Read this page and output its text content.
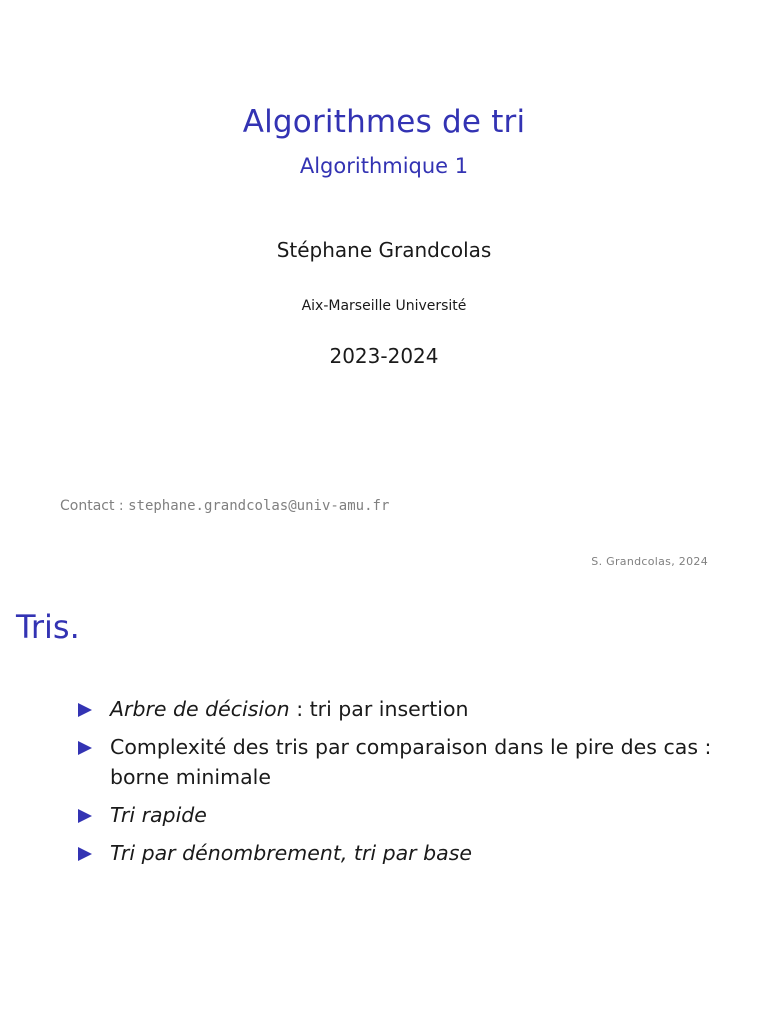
Algorithmes de tri
Algorithmique 1
Stéphane Grandcolas
Aix-Marseille Université
2023-2024
Contact : stephane.grandcolas@univ-amu.fr
S. Grandcolas, 2024
Tris.
Arbre de décision : tri par insertion
Complexité des tris par comparaison dans le pire des cas : borne minimale
Tri rapide
Tri par dénombrement, tri par base
